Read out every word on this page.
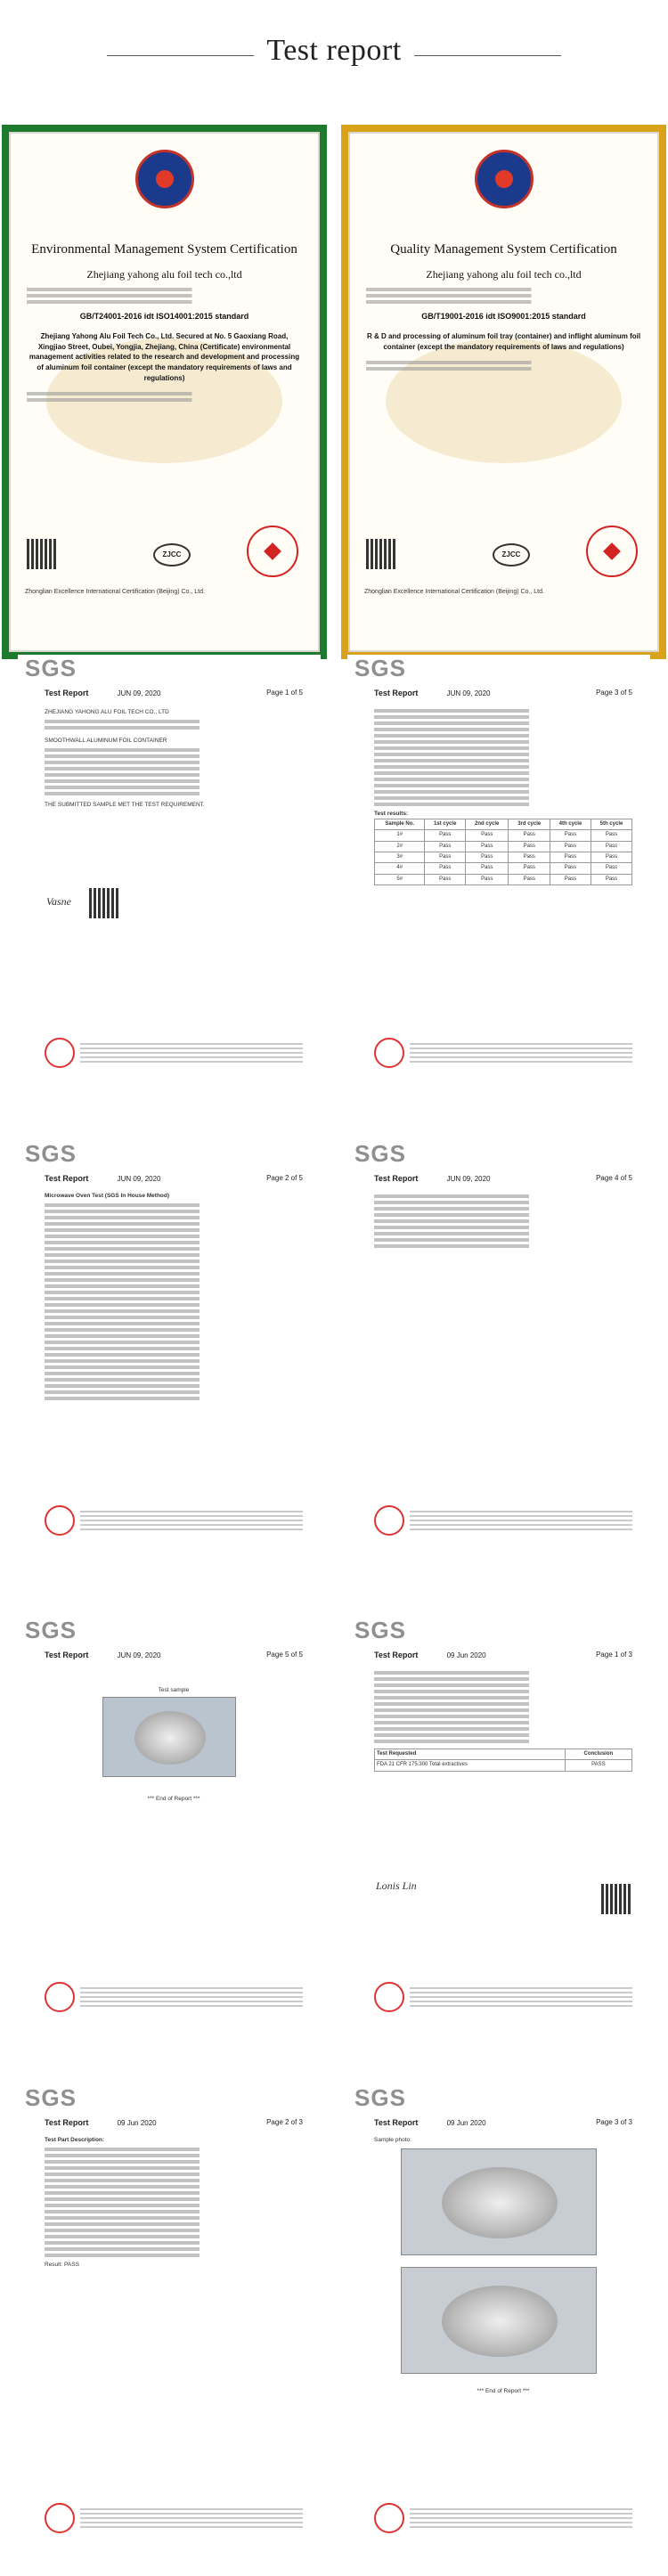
Test report
Environmental Management System Certification
Zhejiang yahong alu foil tech co.,ltd
GB/T24001-2016 idt ISO14001:2015 standard
Zhejiang Yahong Alu Foil Tech Co., Ltd. Secured at No. 5 Gaoxiang Road, Xingjiao Street, Oubei, Yongjia, Zhejiang, China (Certificate) environmental management activities related to the research and development and processing of aluminum foil container (except the mandatory requirements of laws and regulations)
ZJCC
Zhonglian Excellence International Certification (Beijing) Co., Ltd.
Quality Management System Certification
Zhejiang yahong alu foil tech co.,ltd
GB/T19001-2016 idt ISO9001:2015 standard
R & D and processing of aluminum foil tray (container) and inflight aluminum foil container (except the mandatory requirements of laws and regulations)
ZJCC
Zhonglian Excellence International Certification (Beijing) Co., Ltd.
SGS
Test Report	JUN 09, 2020	Page 1 of 5
ZHEJIANG YAHONG ALU FOIL TECH CO., LTD
SMOOTHWALL ALUMINUM FOIL CONTAINER
THE SUBMITTED SAMPLE MET THE TEST REQUIREMENT.
Vasne
SGS
Test Report	JUN 09, 2020	Page 3 of 5
Test results:
Sample No.	1st cycle	2nd cycle	3rd cycle	4th cycle	5th cycle
1#	Pass	Pass	Pass	Pass	Pass
2#	Pass	Pass	Pass	Pass	Pass
3#	Pass	Pass	Pass	Pass	Pass
4#	Pass	Pass	Pass	Pass	Pass
5#	Pass	Pass	Pass	Pass	Pass
SGS
Test Report	JUN 09, 2020	Page 2 of 5
Microwave Oven Test (SGS In House Method)
SGS
Test Report	JUN 09, 2020	Page 4 of 5
SGS
Test Report	JUN 09, 2020	Page 5 of 5
Test sample
*** End of Report ***
SGS
Test Report	09 Jun 2020	Page 1 of 3
Test Requested	Conclusion
FDA 21 CFR 175.300 Total extractives	PASS
Lonis Lin
SGS
Test Report	09 Jun 2020	Page 2 of 3
Test Part Description:
Result: PASS
SGS
Test Report	09 Jun 2020	Page 3 of 3
Sample photo:
*** End of Report ***
